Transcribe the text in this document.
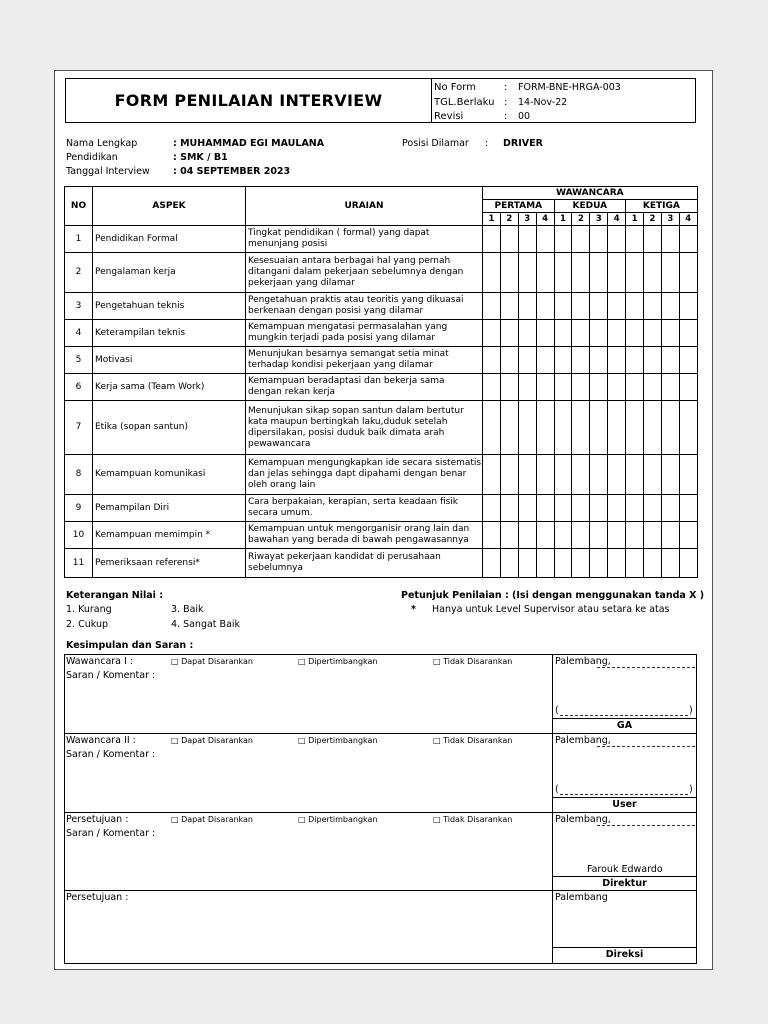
FORM PENILAIAN INTERVIEW
No Form	: FORM-BNE-HRGA-003
TGL.Berlaku : 14-Nov-22
Revisi	: 00
Nama Lengkap	: MUHAMMAD EGI MAULANA
Pendidikan	: SMK / B1
Tanggal Interview : 04 SEPTEMBER 2023
Posisi Dilamar : DRIVER
NO	ASPEK	URAIAN	WAWANCARA											
			PERTAMA				KEDUA				KETIGA			
			1	2	3	4	1	2	3	4	1	2	3	4
1	Pendidikan Formal	Tingkat pendidikan ( formal) yang dapat
menunjang posisi												

2	Pengalaman kerja	Kesesuaian antara berbagai hal yang pernah
ditangani dalam pekerjaan sebelumnya dengan
pekerjaan yang dilamar												

3	Pengetahuan teknis	Pengetahuan praktis atau teoritis yang dikuasai
berkenaan dengan posisi yang dilamar												

4	Keterampilan teknis	Kemampuan mengatasi permasalahan yang
mungkin terjadi pada posisi yang dilamar												

5	Motivasi	Menunjukan besarnya semangat setia minat
terhadap kondisi pekerjaan yang dilamar												

6	Kerja sama (Team Work)	Kemampuan beradaptasi dan bekerja sama
dengan rekan kerja												

7	Etika (sopan santun)	Menunjukan sikap sopan santun dalam bertutur
kata maupun bertingkah laku,duduk setelah
dipersilakan, posisi duduk baik dimata arah
pewawancara												

8	Kemampuan komunikasi	Kemampuan mengungkapkan ide secara sistematis
dan jelas sehingga dapt dipahami dengan benar
oleh orang lain												

9	Pemampilan Diri	Cara berpakaian, kerapian, serta keadaan fisik
secara umum.												

10	Kemampuan memimpin *	Kemampuan untuk mengorganisir orang lain dan
bawahan yang berada di bawah pengawasannya												

11	Pemeriksaan referensi*	Riwayat pekerjaan kandidat di perusahaan
sebelumnya												

Keterangan Nilai :
1. Kurang	3. Baik
2. Cukup	4. Sangat Baik
Petunjuk Penilaian : (Isi dengan menggunakan tanda X )
* Hanya untuk Level Supervisor atau setara ke atas
Kesimpulan dan Saran :
Wawancara I :
Saran / Komentar :
□ Dapat Disarankan	□ Dipertimbangkan	□ Tidak Disarankan	Palembang,
(	)
GA
Wawancara II :
Saran / Komentar :
□ Dapat Disarankan	□ Dipertimbangkan	□ Tidak Disarankan	Palembang,
(	)
User
Persetujuan :
Saran / Komentar :
□ Dapat Disarankan	□ Dipertimbangkan	□ Tidak Disarankan	Palembang,
Farouk Edwardo
Direktur
Persetujuan :	Palembang
Direksi
